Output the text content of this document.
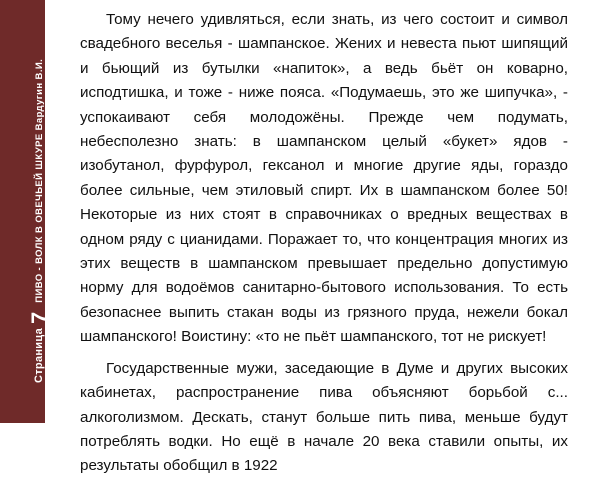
Страница
7
ПИВО - ВОЛК В ОВЕЧЬЕЙ ШКУРЕ Вардугин В.И.

Тому нечего удивляться, если знать, из чего состоит и символ свадебного веселья - шампанское. Жених и невеста пьют шипящий и бьющий из бутылки «напиток», а ведь бьёт он коварно, исподтишка, и тоже - ниже пояса. «Подумаешь, это же шипучка», - успокаивают себя молодожёны. Прежде чем подумать, небесполезно знать: в шампанском целый «букет» ядов - изобутанол, фурфурол, гексанол и многие другие яды, гораздо более сильные, чем этиловый спирт. Их в шампанском более 50! Некоторые из них стоят в справочниках о вредных веществах в одном ряду с цианидами. Поражает то, что концентрация многих из этих веществ в шампанском превышает предельно допустимую норму для водоёмов санитарно-бытового использования. То есть безопаснее выпить стакан воды из грязного пруда, нежели бокал шампанского! Воистину: «то не пьёт шампанского, тот не рискует!

Государственные мужи, заседающие в Думе и других высоких кабинетах, распространение пива объясняют борьбой с... алкоголизмом. Дескать, станут больше пить пива, меньше будут потреблять водки. Но ещё в начале 20 века ставили опыты, их результаты обобщил в 1922
